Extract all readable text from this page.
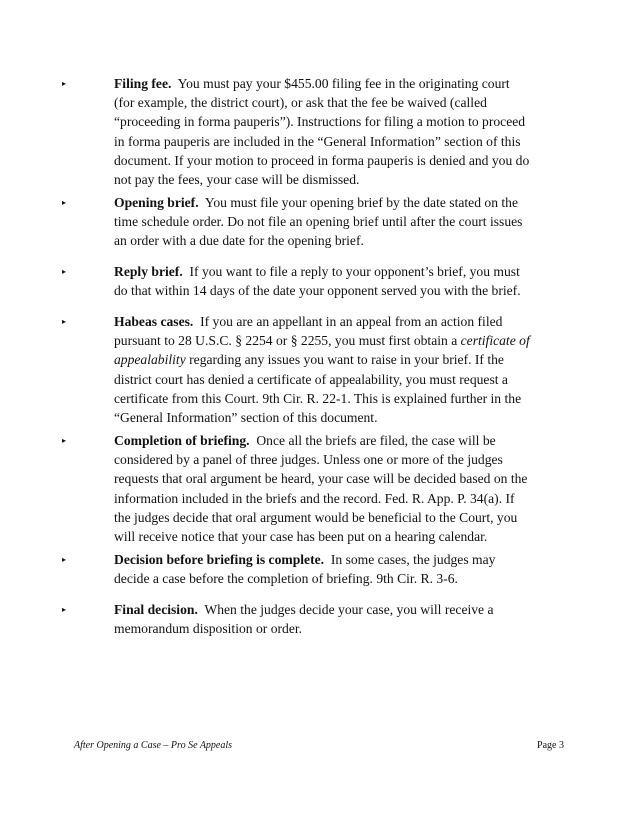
▸	Filing fee.  You must pay your $455.00 filing fee in the originating court
(for example, the district court), or ask that the fee be waived (called
“proceeding in forma pauperis”). Instructions for filing a motion to proceed
in forma pauperis are included in the “General Information” section of this
document. If your motion to proceed in forma pauperis is denied and you do
not pay the fees, your case will be dismissed.
▸	Opening brief.  You must file your opening brief by the date stated on the
time schedule order. Do not file an opening brief until after the court issues
an order with a due date for the opening brief.
▸	Reply brief.  If you want to file a reply to your opponent’s brief, you must
do that within 14 days of the date your opponent served you with the brief.
▸	Habeas cases.  If you are an appellant in an appeal from an action filed
pursuant to 28 U.S.C. § 2254 or § 2255, you must first obtain a certificate of
appealability regarding any issues you want to raise in your brief. If the
district court has denied a certificate of appealability, you must request a
certificate from this Court. 9th Cir. R. 22-1. This is explained further in the
“General Information” section of this document.
▸	Completion of briefing.  Once all the briefs are filed, the case will be
considered by a panel of three judges. Unless one or more of the judges
requests that oral argument be heard, your case will be decided based on the
information included in the briefs and the record. Fed. R. App. P. 34(a). If
the judges decide that oral argument would be beneficial to the Court, you
will receive notice that your case has been put on a hearing calendar.
▸	Decision before briefing is complete.  In some cases, the judges may
decide a case before the completion of briefing. 9th Cir. R. 3-6.
▸	Final decision.  When the judges decide your case, you will receive a
memorandum disposition or order.
After Opening a Case – Pro Se Appeals	Page 3
